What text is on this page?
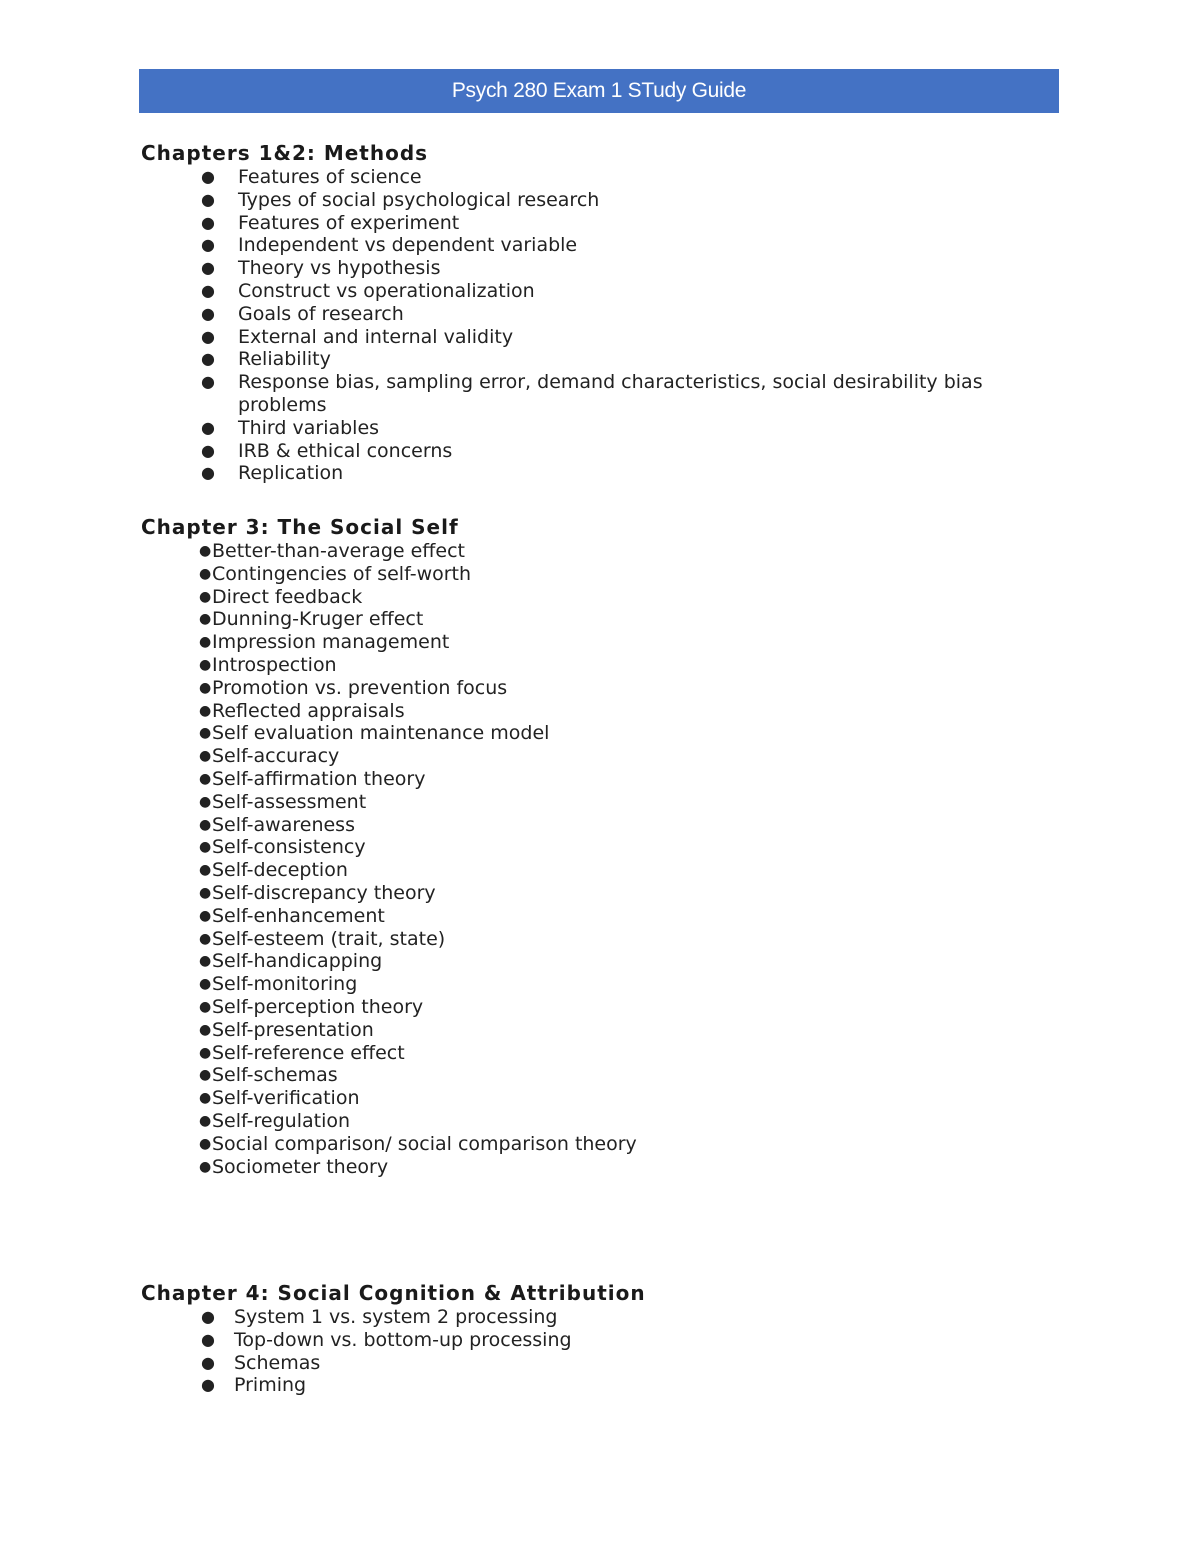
Psych 280 Exam 1 STudy Guide
Chapters 1&2: Methods
● Features of science
● Types of social psychological research
● Features of experiment
● Independent vs dependent variable
● Theory vs hypothesis
● Construct vs operationalization
● Goals of research
● External and internal validity
● Reliability
● Response bias, sampling error, demand characteristics, social desirability bias problems
● Third variables
● IRB & ethical concerns
● Replication
Chapter 3: The Social Self
● Better-than-average effect
● Contingencies of self-worth
● Direct feedback
● Dunning-Kruger effect
● Impression management
● Introspection
● Promotion vs. prevention focus
● Reflected appraisals
● Self evaluation maintenance model
● Self-accuracy
● Self-affirmation theory
● Self-assessment
● Self-awareness
● Self-consistency
● Self-deception
● Self-discrepancy theory
● Self-enhancement
● Self-esteem (trait, state)
● Self-handicapping
● Self-monitoring
● Self-perception theory
● Self-presentation
● Self-reference effect
● Self-schemas
● Self-verification
● Self-regulation
● Social comparison/ social comparison theory
● Sociometer theory
Chapter 4: Social Cognition & Attribution
● System 1 vs. system 2 processing
● Top-down vs. bottom-up processing
● Schemas
● Priming
